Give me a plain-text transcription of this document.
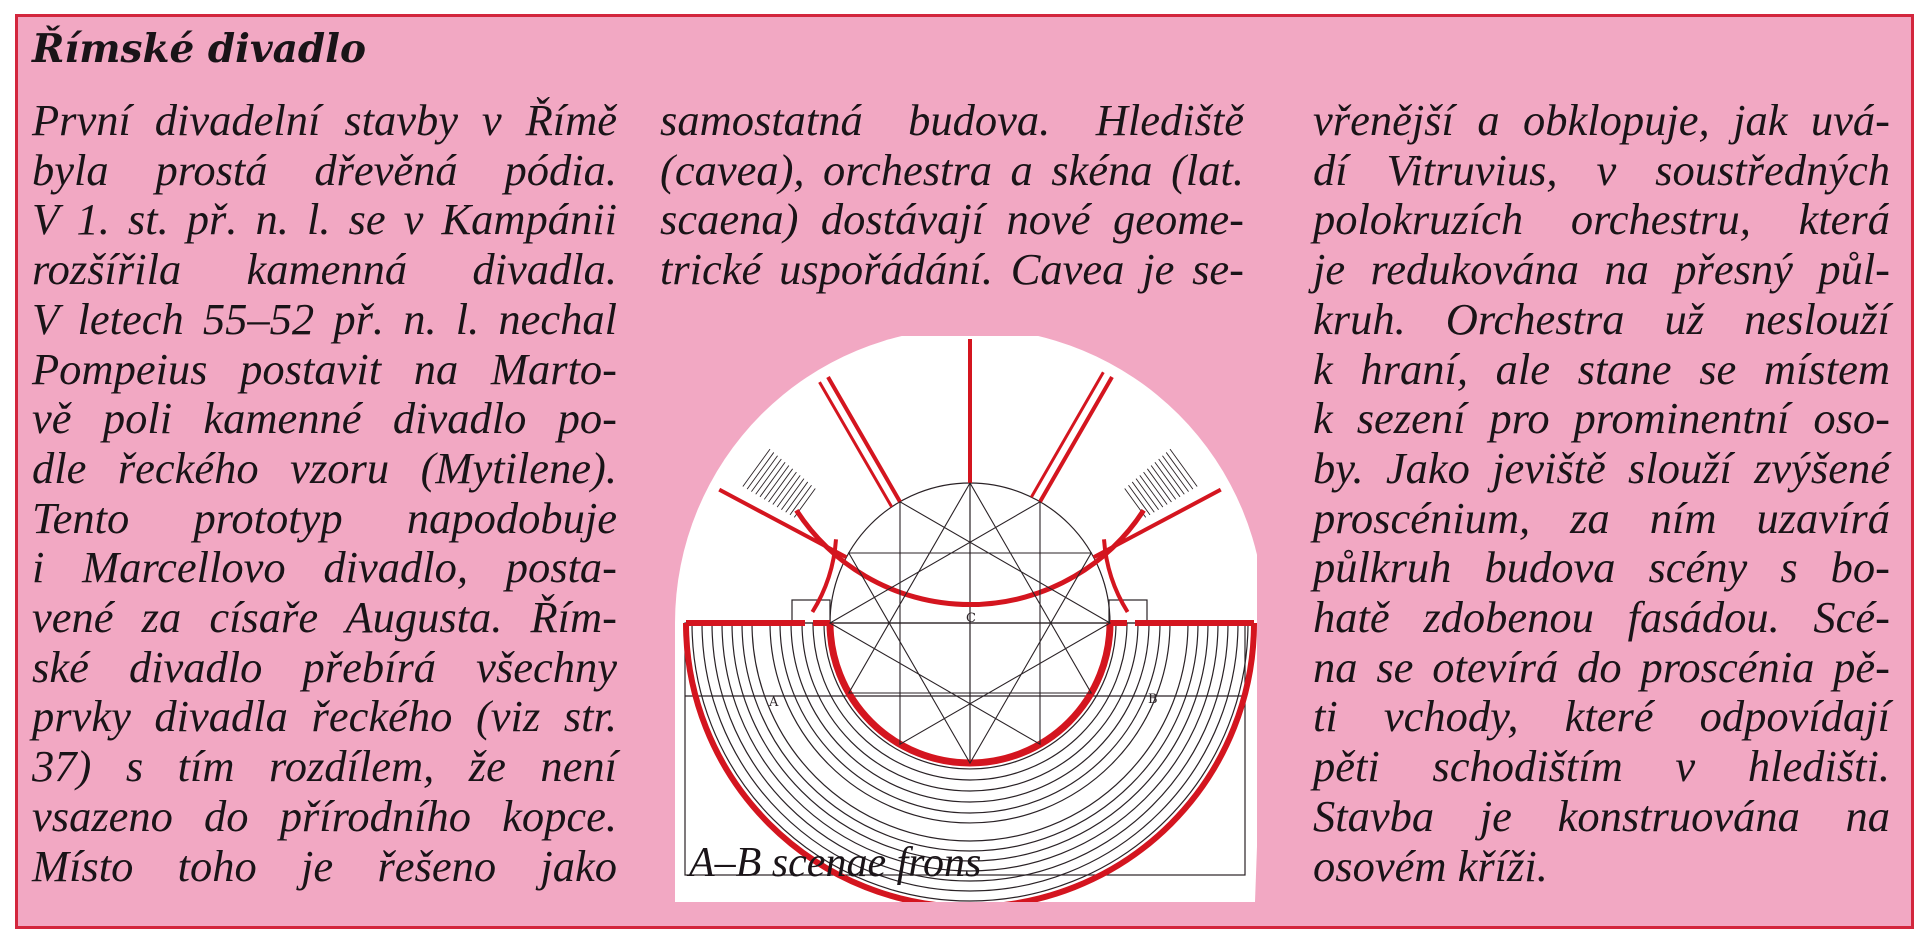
Římské divadlo

První divadelní stavby v Římě
byla prostá dřevěná pódia.
V 1. st. př. n. l. se v Kampánii
rozšířila kamenná divadla.
V letech 55–52 př. n. l. nechal
Pompeius postavit na Marto-
vě poli kamenné divadlo po-
dle řeckého vzoru (Mytilene).
Tento prototyp napodobuje
i Marcellovo divadlo, posta-
vené za císaře Augusta. Řím-
ské divadlo přebírá všechny
prvky divadla řeckého (viz str.
37) s tím rozdílem, že není
vsazeno do přírodního kopce.
Místo toho je řešeno jako

samostatná budova. Hlediště
(cavea), orchestra a skéna (lat.
scaena) dostávají nové geome-
trické uspořádání. Cavea je se-

vřenější a obklopuje, jak uvá-
dí Vitruvius, v soustředných
polokruzích orchestru, která
je redukována na přesný půl-
kruh. Orchestra už neslouží
k hraní, ale stane se místem
k sezení pro prominentní oso-
by. Jako jeviště slouží zvýšené
proscénium, za ním uzavírá
půlkruh budova scény s bo-
hatě zdobenou fasádou. Scé-
na se otevírá do proscénia pě-
ti vchody, které odpovídají
pěti schodištím v hledišti.
Stavba je konstruována na
osovém kříži.

A	B
C
A–B scenae frons
